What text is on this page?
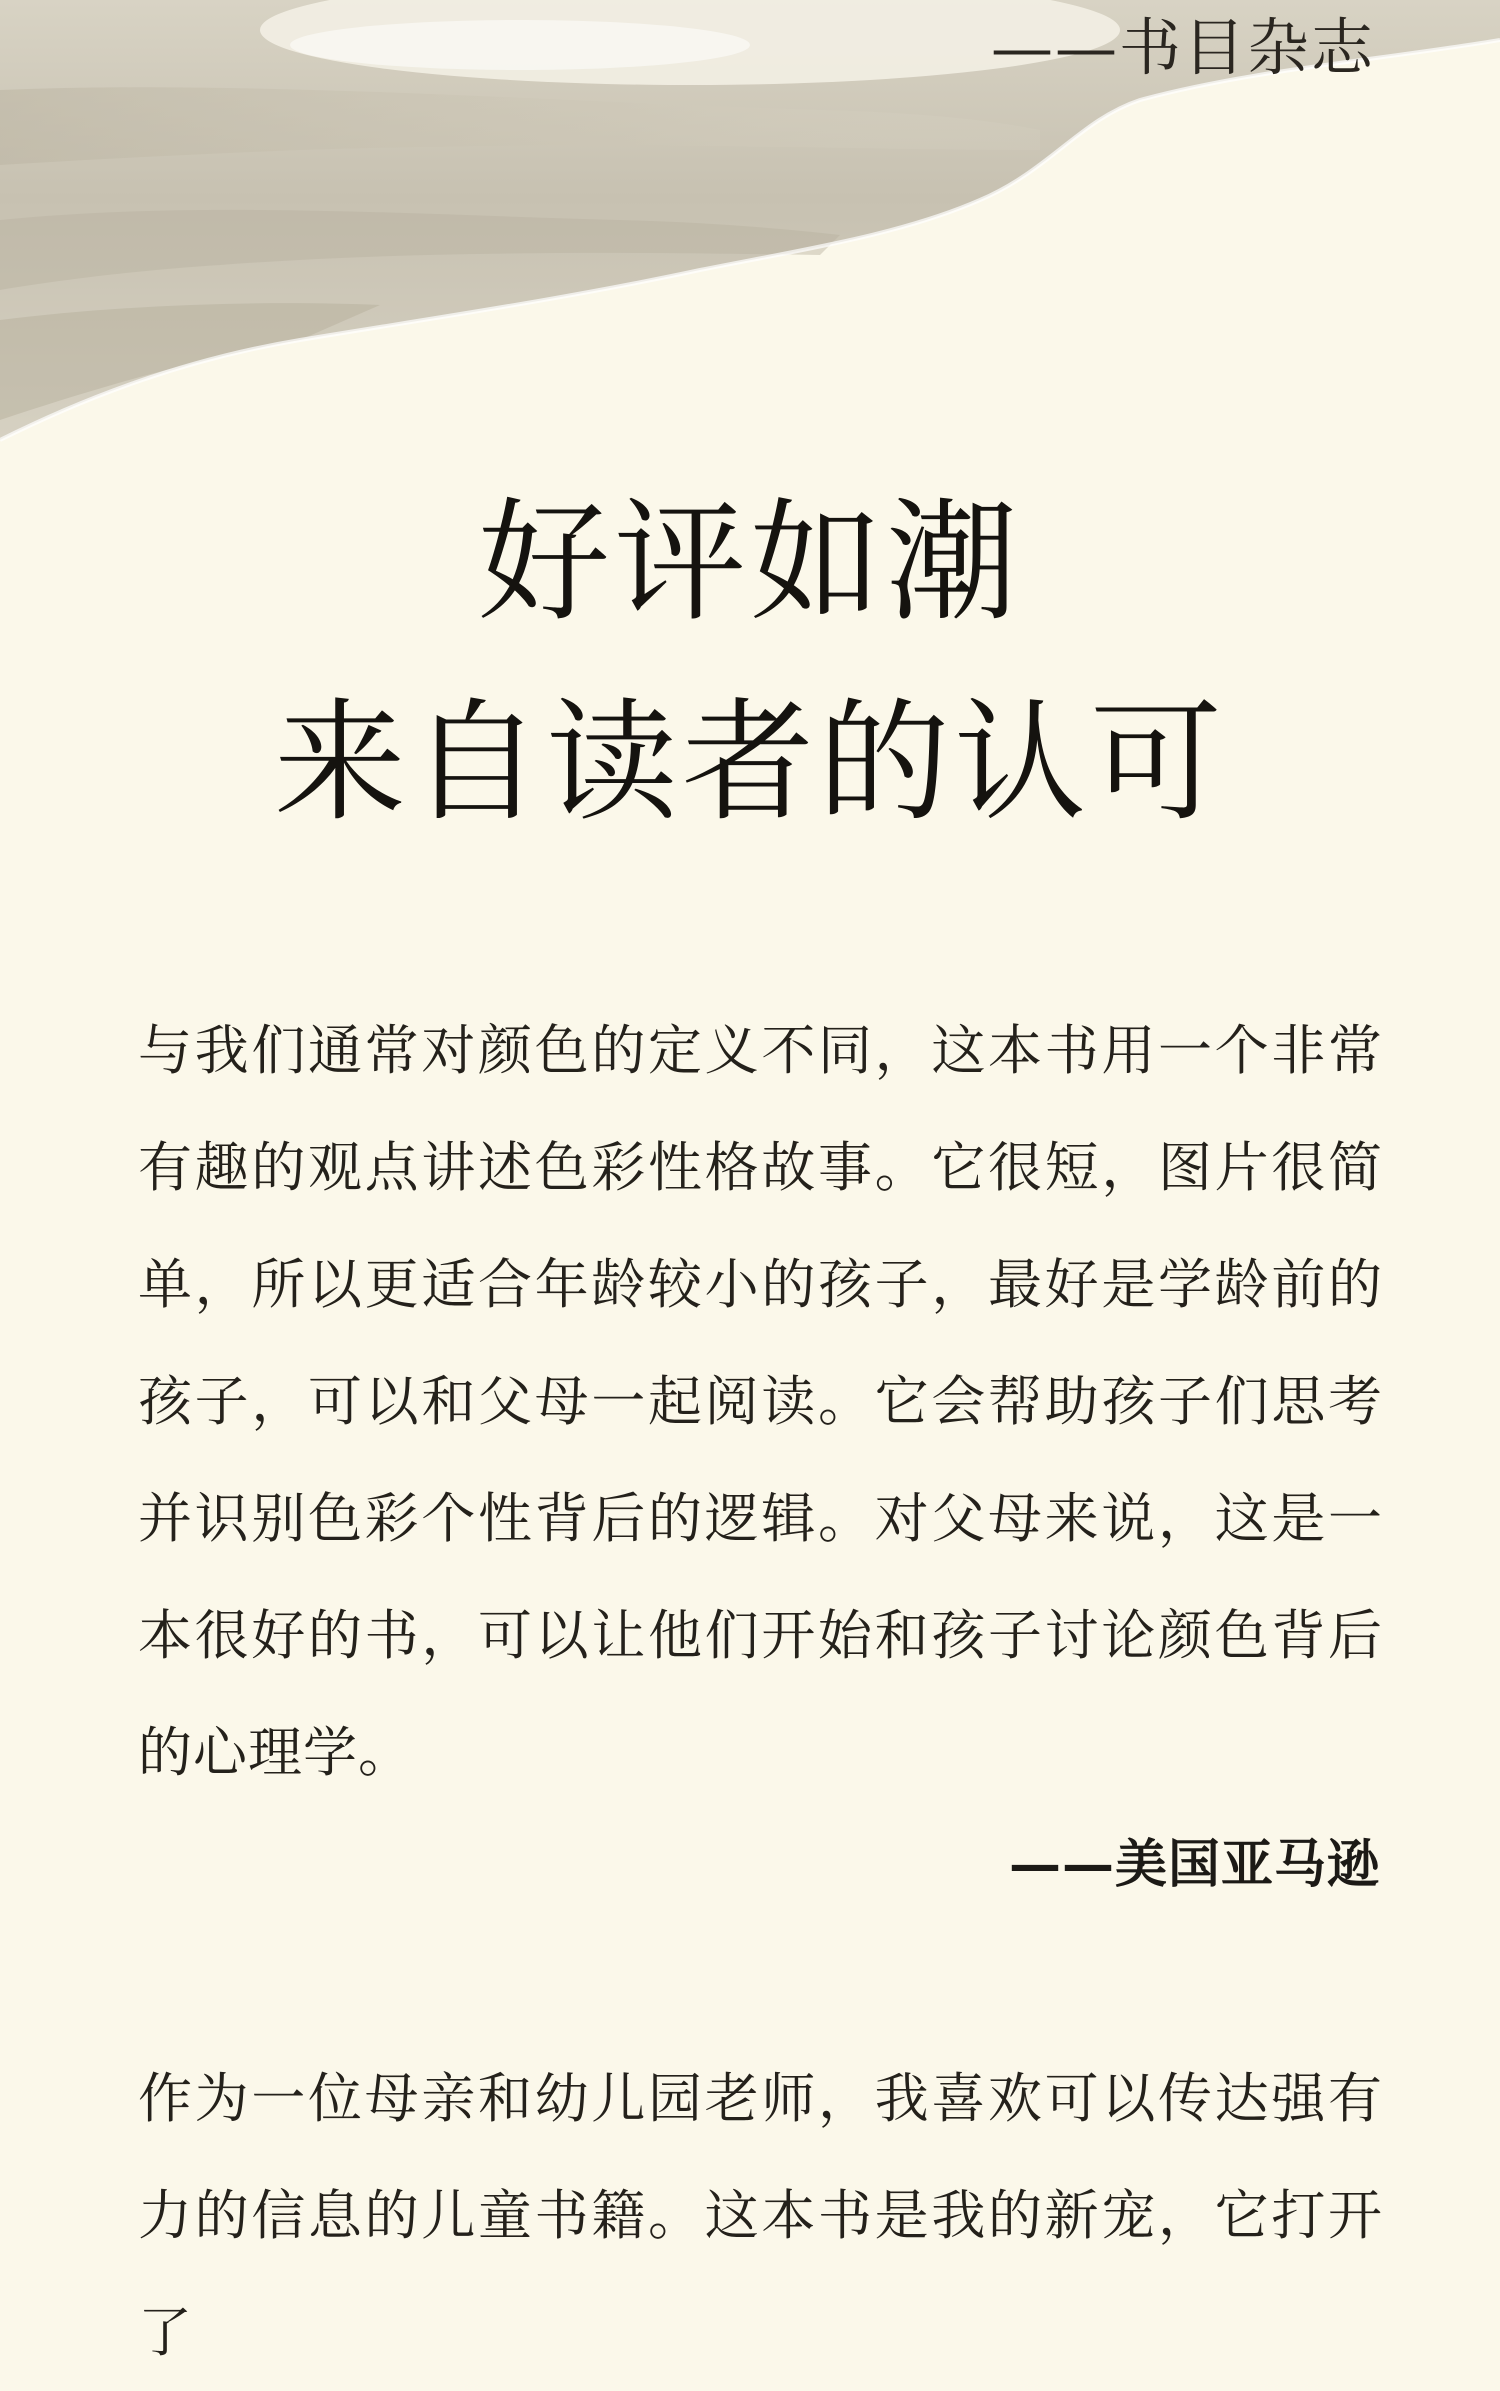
——书目杂志
好评如潮
来自读者的认可
与我们通常对颜色的定义不同，这本书用一个非常有趣的观点讲述色彩性格故事。它很短，图片很简单，所以更适合年龄较小的孩子，最好是学龄前的孩子，可以和父母一起阅读。它会帮助孩子们思考并识别色彩个性背后的逻辑。对父母来说，这是一本很好的书，可以让他们开始和孩子讨论颜色背后的心理学。
——美国亚马逊
作为一位母亲和幼儿园老师，我喜欢可以传达强有力的信息的儿童书籍。这本书是我的新宠，它打开了
